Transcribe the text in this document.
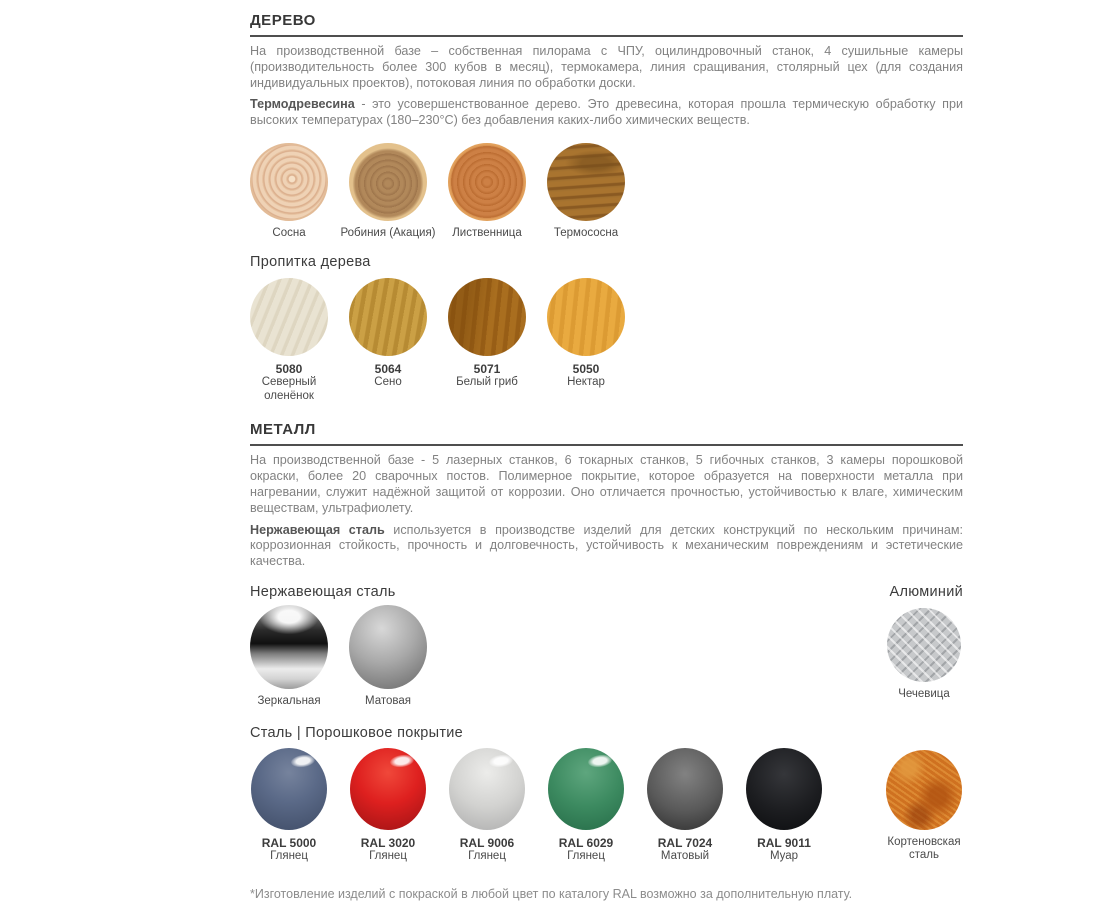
ДЕРЕВО

На производственной базе – собственная пилорама с ЧПУ, оцилиндровочный станок, 4 сушильные камеры (производительность более 300 кубов в месяц), термокамера, линия сращивания, столярный цех (для создания индивидуальных проектов), потоковая линия по обработки доски.

Термодревесина - это усовершенствованное дерево. Это древесина, которая прошла термическую обработку при высоких температурах (180–230°С) без добавления каких-либо химических веществ.

Сосна	Робиния (Акация) Лиственница	Термососна
Пропитка дерева
5080
Северный оленёнок
5064
Сено
5071
Белый гриб
5050
Нектар
МЕТАЛЛ

На производственной базе - 5 лазерных станков, 6 токарных станков, 5 гибочных станков, 3 камеры порошковой окраски, более 20 сварочных постов. Полимерное покрытие, которое образуется на поверхности металла при нагревании, служит надёжной защитой от коррозии. Оно отличается прочностью, устойчивостью к влаге, химическим веществам, ультрафиолету.

Нержавеющая сталь используется в производстве изделий для детских конструкций по нескольким причинам: коррозионная стойкость, прочность и долговечность, устойчивость к механическим повреждениям и эстетические качества.

Нержавеющая сталь	Алюминий
Зеркальная	Матовая
Чечевица
Сталь | Порошковое покрытие
RAL 5000
Глянец
RAL 3020
Глянец
RAL 9006
Глянец
RAL 6029
Глянец
RAL 7024
Матовый
RAL 9011
Муар
Кортеновская сталь
*Изготовление изделий с покраской в любой цвет по каталогу RAL возможно за дополнительную плату.
